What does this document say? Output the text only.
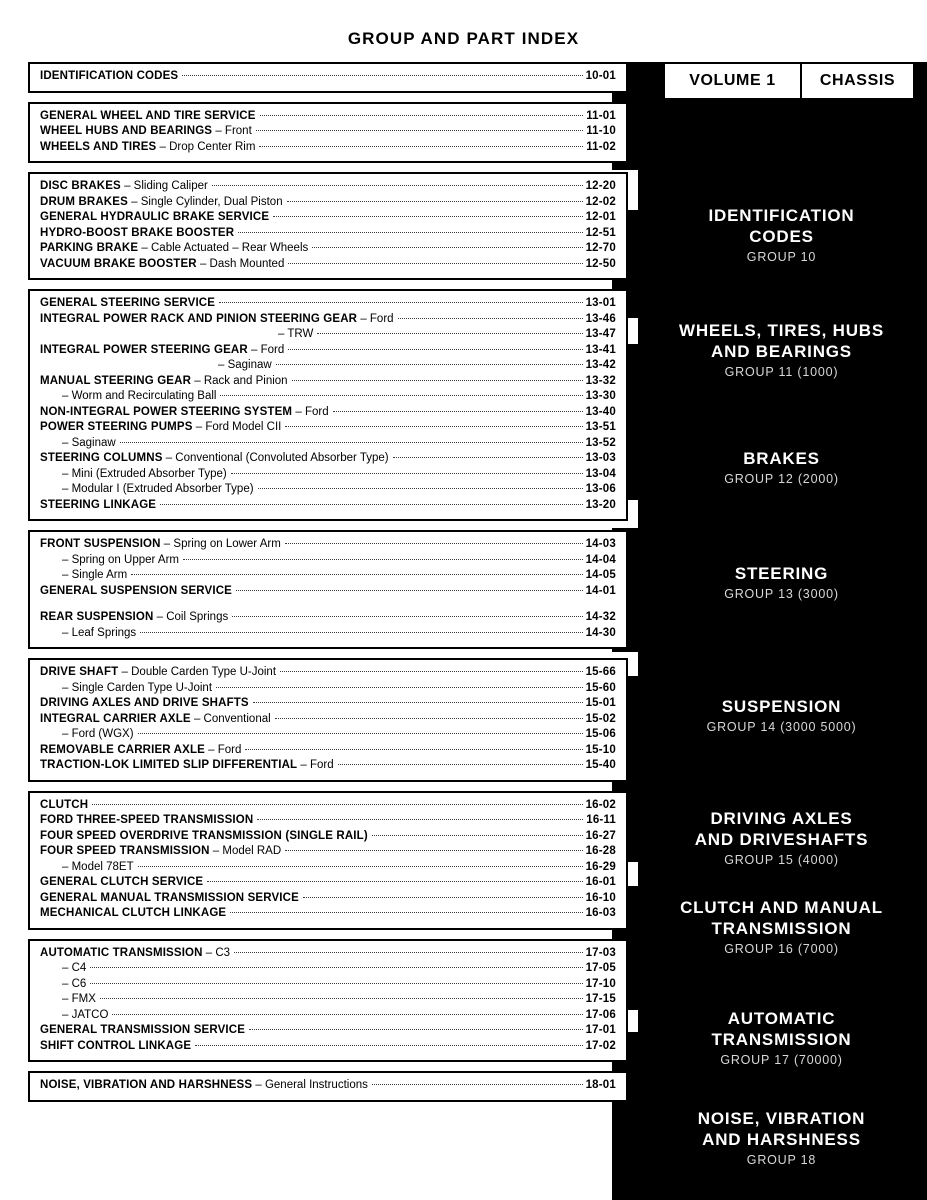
GROUP AND PART INDEX
VOLUME 1	CHASSIS
IDENTIFICATION CODES	10-01
GENERAL WHEEL AND TIRE SERVICE	11-01
WHEEL HUBS AND BEARINGS – Front	11-10
WHEELS AND TIRES – Drop Center Rim	11-02
DISC BRAKES – Sliding Caliper	12-20
DRUM BRAKES – Single Cylinder, Dual Piston	12-02
GENERAL HYDRAULIC BRAKE SERVICE	12-01
HYDRO-BOOST BRAKE BOOSTER	12-51
PARKING BRAKE – Cable Actuated – Rear Wheels	12-70
VACUUM BRAKE BOOSTER – Dash Mounted	12-50
GENERAL STEERING SERVICE	13-01
INTEGRAL POWER RACK AND PINION STEERING GEAR – Ford	13-46
– TRW	13-47
INTEGRAL POWER STEERING GEAR – Ford	13-41
– Saginaw	13-42
MANUAL STEERING GEAR – Rack and Pinion	13-32
– Worm and Recirculating Ball	13-30
NON-INTEGRAL POWER STEERING SYSTEM – Ford	13-40
POWER STEERING PUMPS – Ford Model CII	13-51
– Saginaw	13-52
STEERING COLUMNS – Conventional (Convoluted Absorber Type)	13-03
– Mini (Extruded Absorber Type)	13-04
– Modular I (Extruded Absorber Type)	13-06
STEERING LINKAGE	13-20
FRONT SUSPENSION – Spring on Lower Arm	14-03
– Spring on Upper Arm	14-04
– Single Arm	14-05
GENERAL SUSPENSION SERVICE	14-01
REAR SUSPENSION – Coil Springs	14-32
– Leaf Springs	14-30
DRIVE SHAFT – Double Carden Type U-Joint	15-66
– Single Carden Type U-Joint	15-60
DRIVING AXLES AND DRIVE SHAFTS	15-01
INTEGRAL CARRIER AXLE – Conventional	15-02
– Ford (WGX)	15-06
REMOVABLE CARRIER AXLE – Ford	15-10
TRACTION-LOK LIMITED SLIP DIFFERENTIAL – Ford	15-40
CLUTCH	16-02
FORD THREE-SPEED TRANSMISSION	16-11
FOUR SPEED OVERDRIVE TRANSMISSION (SINGLE RAIL)	16-27
FOUR SPEED TRANSMISSION – Model RAD	16-28
– Model 78ET	16-29
GENERAL CLUTCH SERVICE	16-01
GENERAL MANUAL TRANSMISSION SERVICE	16-10
MECHANICAL CLUTCH LINKAGE	16-03
AUTOMATIC TRANSMISSION – C3	17-03
– C4	17-05
– C6	17-10
– FMX	17-15
– JATCO	17-06
GENERAL TRANSMISSION SERVICE	17-01
SHIFT CONTROL LINKAGE	17-02
NOISE, VIBRATION AND HARSHNESS – General Instructions	18-01
IDENTIFICATION
CODES
GROUP 10
WHEELS, TIRES, HUBS
AND BEARINGS
GROUP 11 (1000)
BRAKES
GROUP 12 (2000)
STEERING
GROUP 13 (3000)
SUSPENSION
GROUP 14 (3000 5000)
DRIVING AXLES
AND DRIVESHAFTS
GROUP 15 (4000)
CLUTCH AND MANUAL
TRANSMISSION
GROUP 16 (7000)
AUTOMATIC
TRANSMISSION
GROUP 17 (70000)
NOISE, VIBRATION
AND HARSHNESS
GROUP 18
